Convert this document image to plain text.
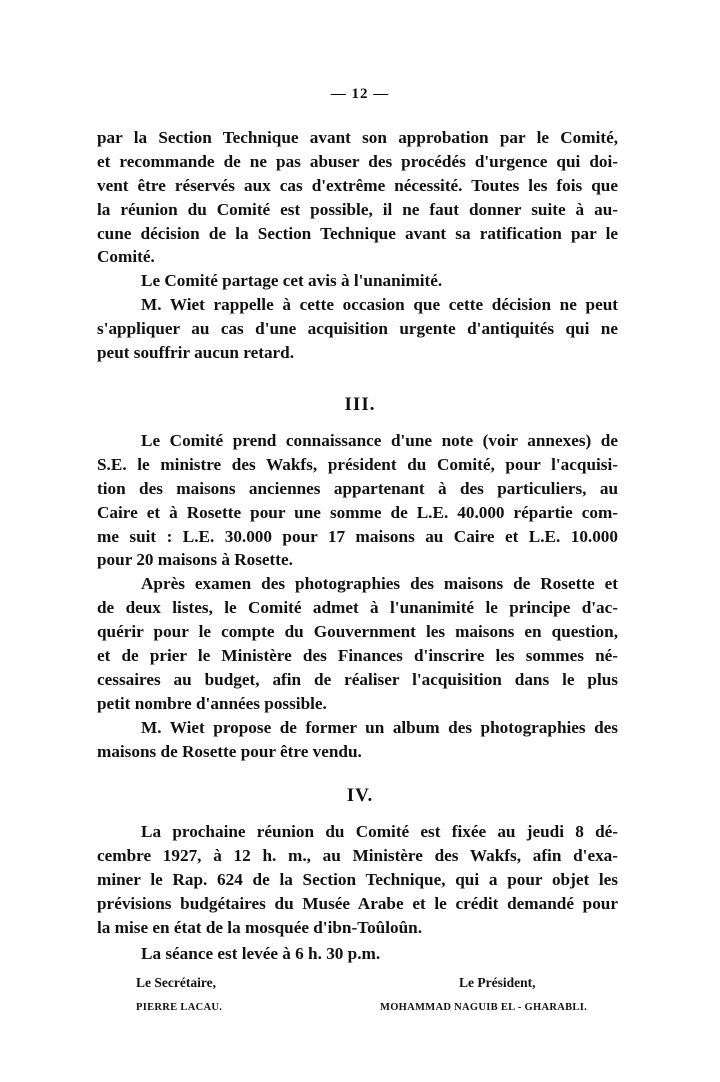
— 12 —
par la Section Technique avant son approbation par le Comité,
et recommande de ne pas abuser des procédés d'urgence qui doi-
vent être réservés aux cas d'extrême nécessité. Toutes les fois que
la réunion du Comité est possible, il ne faut donner suite à au-
cune décision de la Section Technique avant sa ratification par le
Comité.
Le Comité partage cet avis à l'unanimité.
M. Wiet rappelle à cette occasion que cette décision ne peut
s'appliquer au cas d'une acquisition urgente d'antiquités qui ne
peut souffrir aucun retard.
III.
Le Comité prend connaissance d'une note (voir annexes) de
S.E. le ministre des Wakfs, président du Comité, pour l'acquisi-
tion des maisons anciennes appartenant à des particuliers, au
Caire et à Rosette pour une somme de L.E. 40.000 répartie com-
me suit : L.E. 30.000 pour 17 maisons au Caire et L.E. 10.000
pour 20 maisons à Rosette.
Après examen des photographies des maisons de Rosette et
de deux listes, le Comité admet à l'unanimité le principe d'ac-
quérir pour le compte du Gouvernment les maisons en question,
et de prier le Ministère des Finances d'inscrire les sommes né-
cessaires au budget, afin de réaliser l'acquisition dans le plus
petit nombre d'années possible.
M. Wiet propose de former un album des photographies des
maisons de Rosette pour être vendu.
IV.
La prochaine réunion du Comité est fixée au jeudi 8 dé-
cembre 1927, à 12 h. m., au Ministère des Wakfs, afin d'exa-
miner le Rap. 624 de la Section Technique, qui a pour objet les
prévisions budgétaires du Musée Arabe et le crédit demandé pour
la mise en état de la mosquée d'ibn-Toûloûn.
La séance est levée à 6 h. 30 p.m.
Le Secrétaire,
PIERRE LACAU.
Le Président,
MOHAMMAD NAGUIB EL - GHARABLI.
